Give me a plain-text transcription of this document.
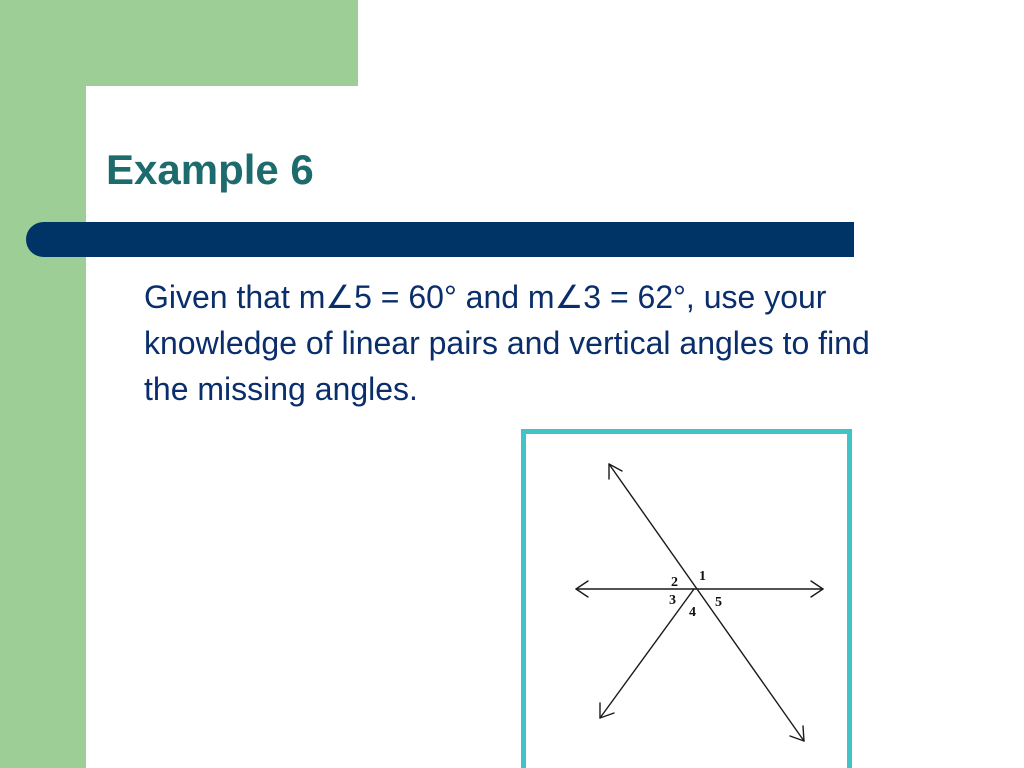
Example 6

Given that m∠5 = 60° and m∠3 = 62°, use your knowledge of linear pairs and vertical angles to find the missing angles.

1
2
3
4
5
